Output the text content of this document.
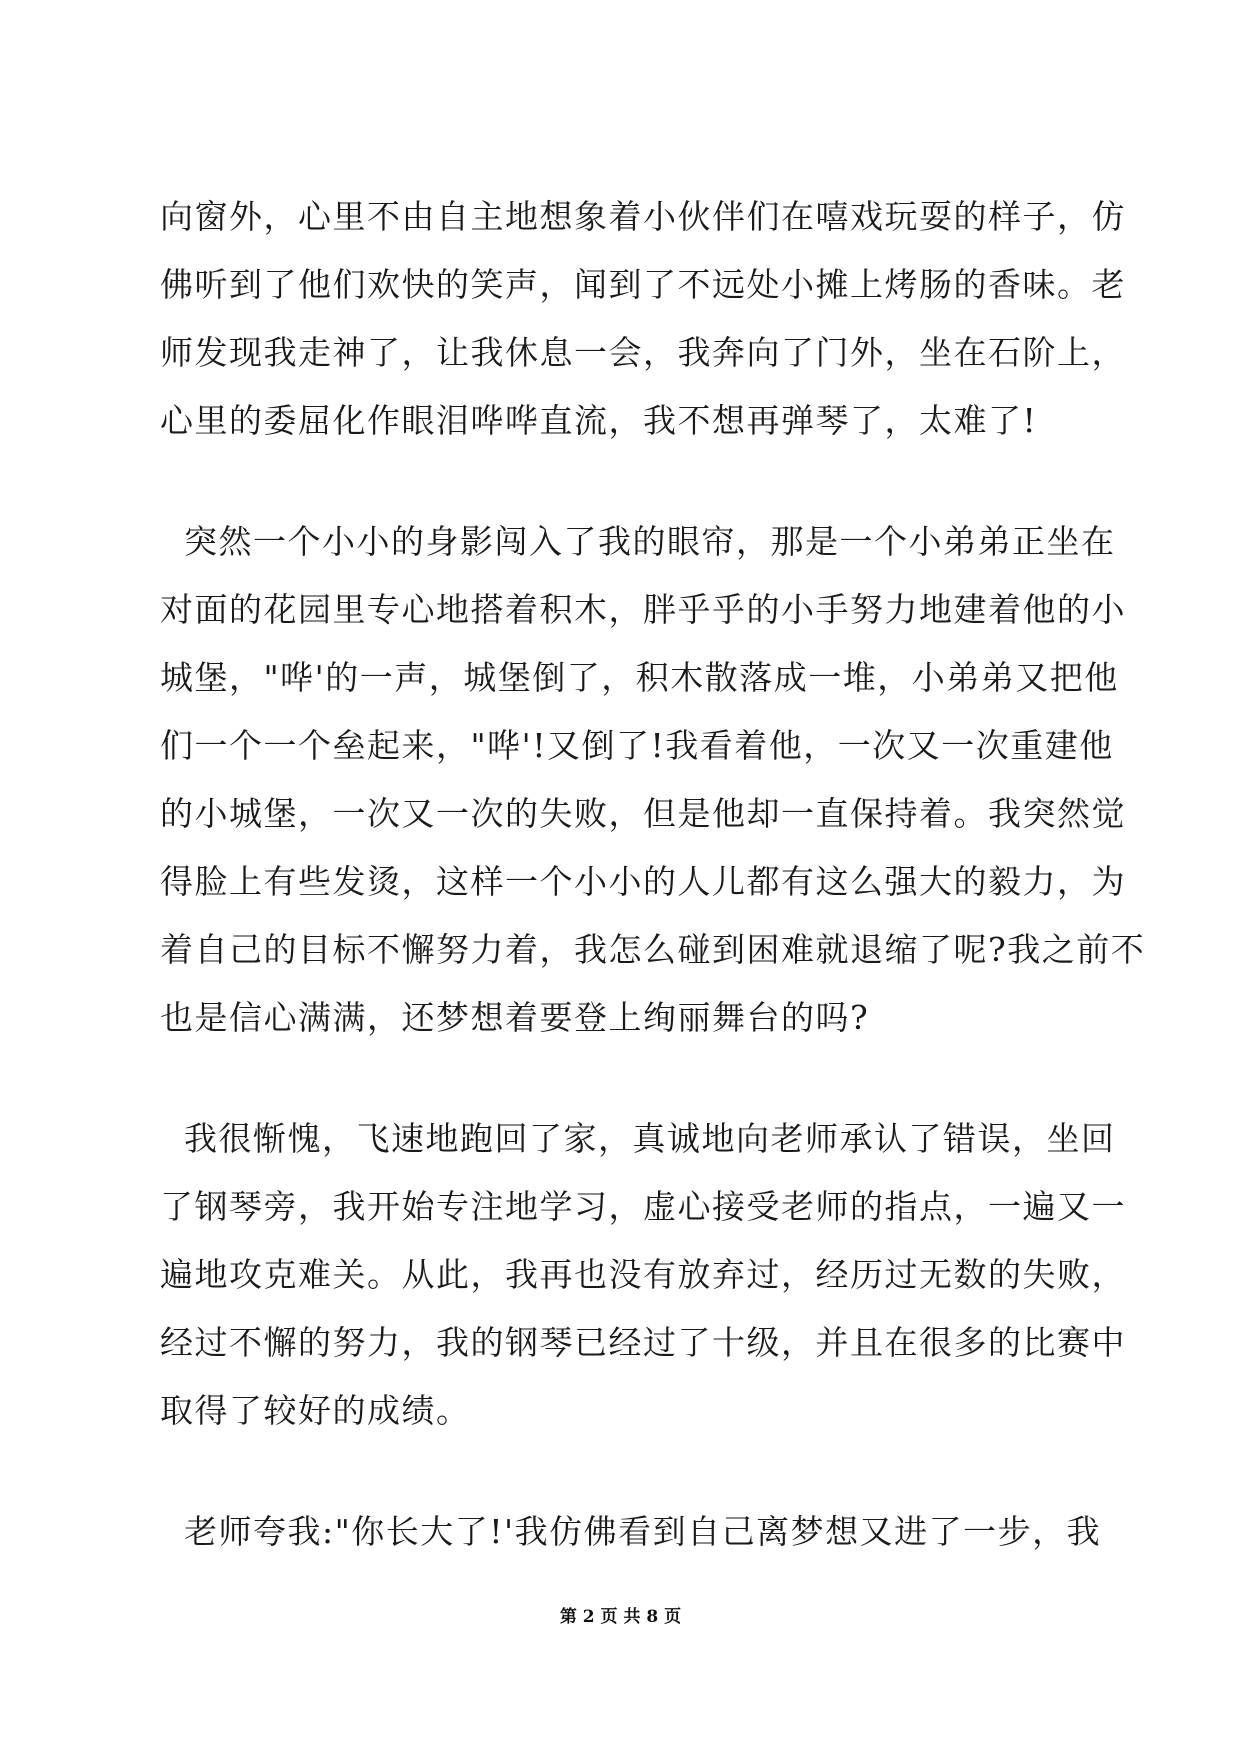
向窗外，心里不由自主地想象着小伙伴们在嘻戏玩耍的样子，仿
佛听到了他们欢快的笑声，闻到了不远处小摊上烤肠的香味。老
师发现我走神了，让我休息一会，我奔向了门外，坐在石阶上，
心里的委屈化作眼泪哗哗直流，我不想再弹琴了，太难了!
突然一个小小的身影闯入了我的眼帘，那是一个小弟弟正坐在
对面的花园里专心地搭着积木，胖乎乎的小手努力地建着他的小
城堡，"哗'的一声，城堡倒了，积木散落成一堆，小弟弟又把他
们一个一个垒起来，"哗'!又倒了!我看着他，一次又一次重建他
的小城堡，一次又一次的失败，但是他却一直保持着。我突然觉
得脸上有些发烫，这样一个小小的人儿都有这么强大的毅力，为
着自己的目标不懈努力着，我怎么碰到困难就退缩了呢?我之前不
也是信心满满，还梦想着要登上绚丽舞台的吗?
我很惭愧，飞速地跑回了家，真诚地向老师承认了错误，坐回
了钢琴旁，我开始专注地学习，虚心接受老师的指点，一遍又一
遍地攻克难关。从此，我再也没有放弃过，经历过无数的失败，
经过不懈的努力，我的钢琴已经过了十级，并且在很多的比赛中
取得了较好的成绩。
老师夸我:"你长大了!'我仿佛看到自己离梦想又进了一步，我
第 2 页 共 8 页
